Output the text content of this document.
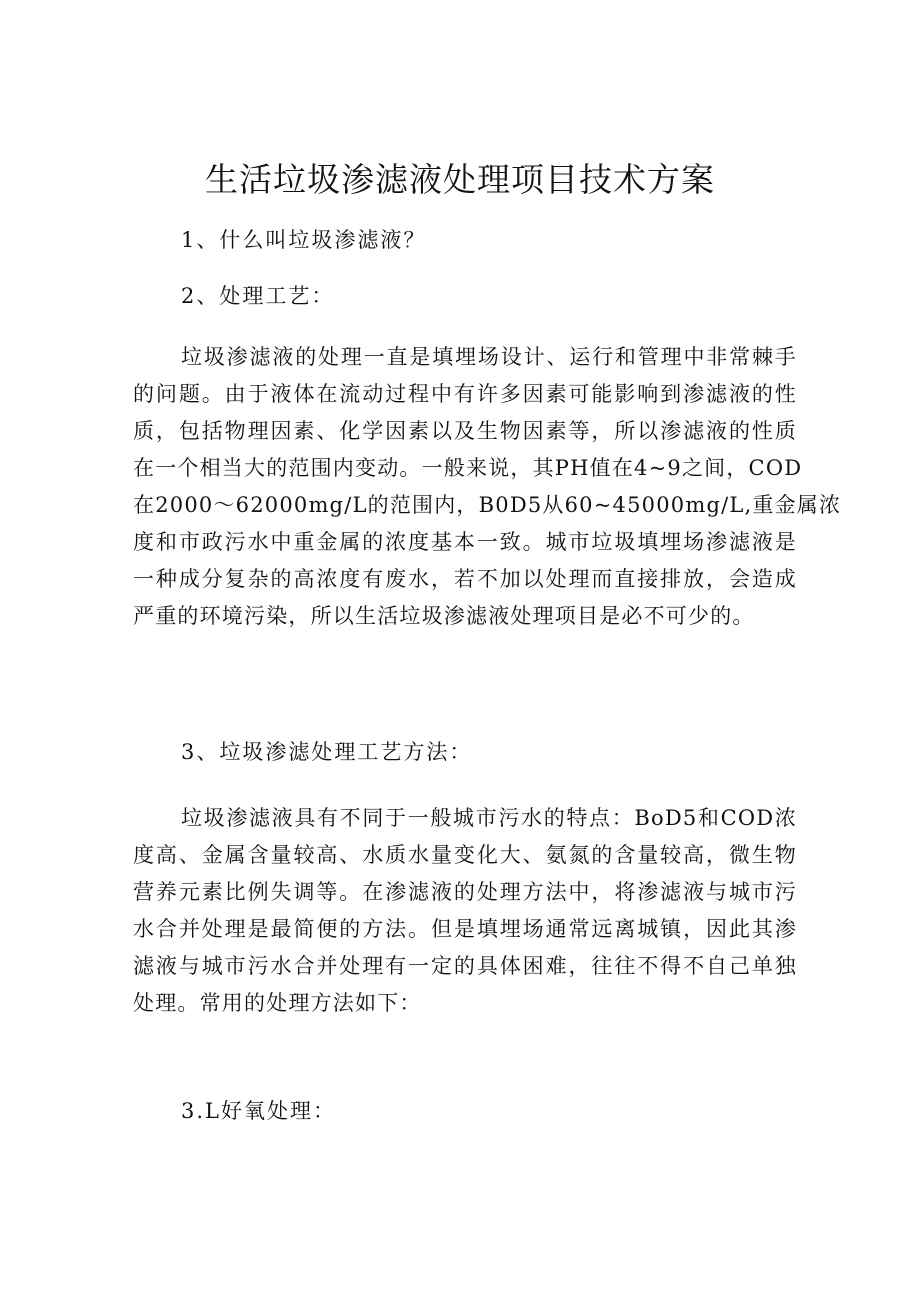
生活垃圾渗滤液处理项目技术方案

1、什么叫垃圾渗滤液？

2、处理工艺：

垃圾渗滤液的处理一直是填埋场设计、运行和管理中非常棘手
的问题。由于液体在流动过程中有许多因素可能影响到渗滤液的性
质，包括物理因素、化学因素以及生物因素等，所以渗滤液的性质
在一个相当大的范围内变动。一般来说，其PH值在4~9之间，COD
在2000～62000mg∕L的范围内，B0D5从60~45000mg∕L,重金属浓
度和市政污水中重金属的浓度基本一致。城市垃圾填埋场渗滤液是
一种成分复杂的高浓度有废水，若不加以处理而直接排放，会造成
严重的环境污染，所以生活垃圾渗滤液处理项目是必不可少的。

3、垃圾渗滤处理工艺方法：

垃圾渗滤液具有不同于一般城市污水的特点：BoD5和COD浓
度高、金属含量较高、水质水量变化大、氨氮的含量较高，微生物
营养元素比例失调等。在渗滤液的处理方法中，将渗滤液与城市污
水合并处理是最简便的方法。但是填埋场通常远离城镇，因此其渗
滤液与城市污水合并处理有一定的具体困难，往往不得不自己单独
处理。常用的处理方法如下：

3.L好氧处理：
